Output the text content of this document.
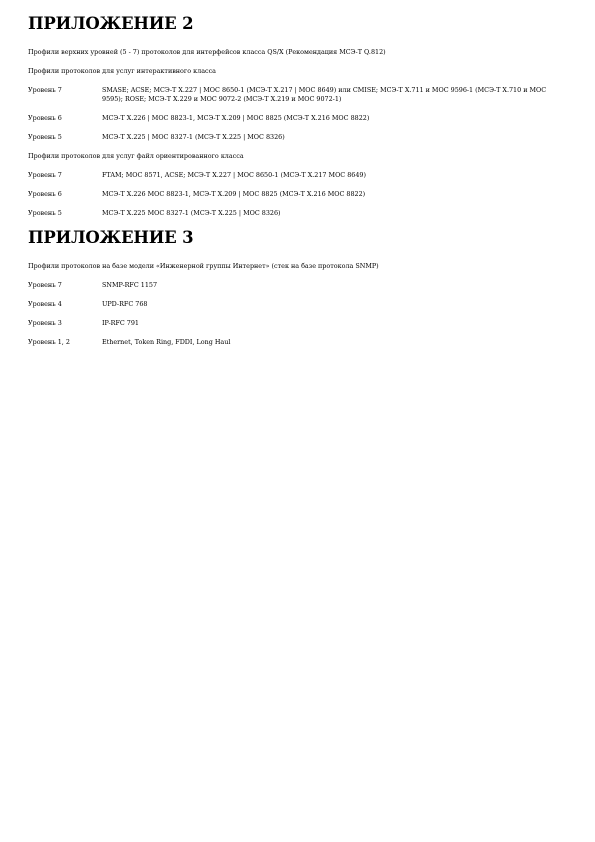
ПРИЛОЖЕНИЕ 2

Профили верхних уровней (5 - 7) протоколов для интерфейсов класса QS/X (Рекомендация МСЭ-Т Q.812)

Профили протоколов для услуг интерактивного класса

Уровень 7	SMASE; ACSE; МСЭ-Т X.227 | МОС 8650-1 (МСЭ-Т X.217 | МОС 8649) или CMISE; МСЭ-Т X.711 и МОС 9596-1 (МСЭ-Т X.710 и МОС 9595); ROSE; МСЭ-Т X.229 и МОС 9072-2 (МСЭ-Т X.219 и МОС 9072-1)
Уровень 6	МСЭ-Т X.226 | МОС 8823-1, МСЭ-Т X.209 | МОС 8825 (МСЭ-Т X.216 МОС 8822)
Уровень 5	МСЭ-Т X.225 | МОС 8327-1 (МСЭ-Т X.225 | МОС 8326)

Профили протоколов для услуг файл ориентированного класса

Уровень 7	FTAM; МОС 8571, ACSE; МСЭ-Т X.227 | МОС 8650-1 (МСЭ-Т X.217 МОС 8649)
Уровень 6	МСЭ-Т X.226 МОС 8823-1, МСЭ-Т X.209 | МОС 8825 (МСЭ-Т X.216 МОС 8822)
Уровень 5	МСЭ-Т X.225 МОС 8327-1 (МСЭ-Т X.225 | МОС 8326)
ПРИЛОЖЕНИЕ 3

Профили протоколов на базе модели «Инженерной группы Интернет» (стек на базе протокола SNMP)

Уровень 7	SNMP-RFC 1157
Уровень 4	UPD-RFC 768
Уровень 3	IP-RFC 791
Уровень 1, 2	Ethernet, Token Ring, FDDI, Long Haul
